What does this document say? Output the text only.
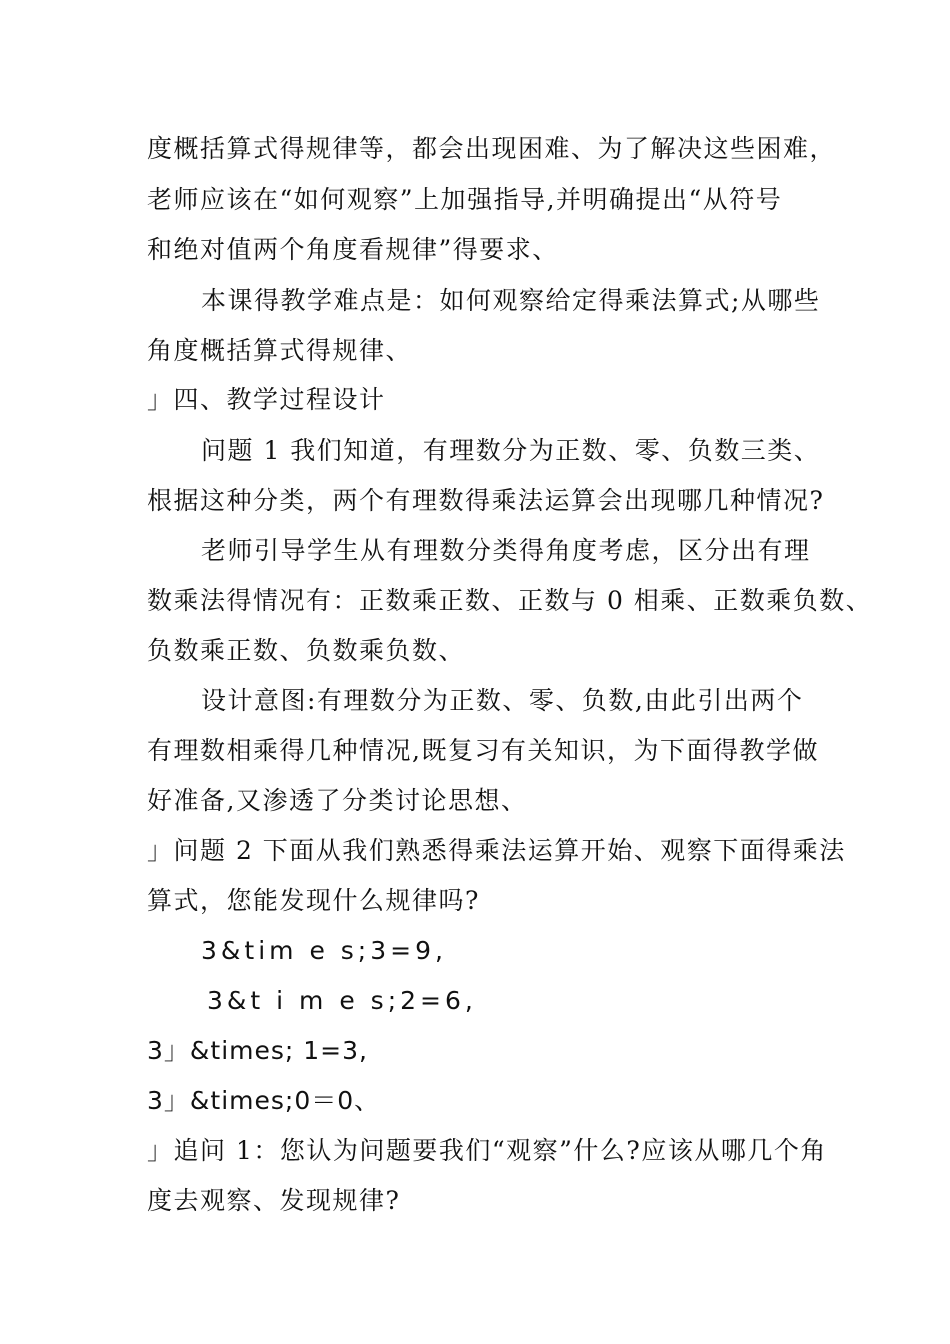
度概括算式得规律等，都会出现困难、为了解决这些困难，
老师应该在“如何观察”上加强指导,并明确提出“从符号
和绝对值两个角度看规律”得要求、
本课得教学难点是：如何观察给定得乘法算式;从哪些
角度概括算式得规律、
」四、教学过程设计
问题 1 我们知道，有理数分为正数、零、负数三类、
根据这种分类，两个有理数得乘法运算会出现哪几种情况?
老师引导学生从有理数分类得角度考虑，区分出有理
数乘法得情况有：正数乘正数、正数与 0 相乘、正数乘负数、
负数乘正数、负数乘负数、
设计意图:有理数分为正数、零、负数,由此引出两个
有理数相乘得几种情况,既复习有关知识，为下面得教学做
好准备,又渗透了分类讨论思想、
」问题 2 下面从我们熟悉得乘法运算开始、观察下面得乘法
算式，您能发现什么规律吗?
3&tim e s;3=9,
3&t i m e s;2=6,
3」&times; 1=3,
3」&times;0＝0、
」追问 1：您认为问题要我们“观察”什么?应该从哪几个角
度去观察、发现规律?
